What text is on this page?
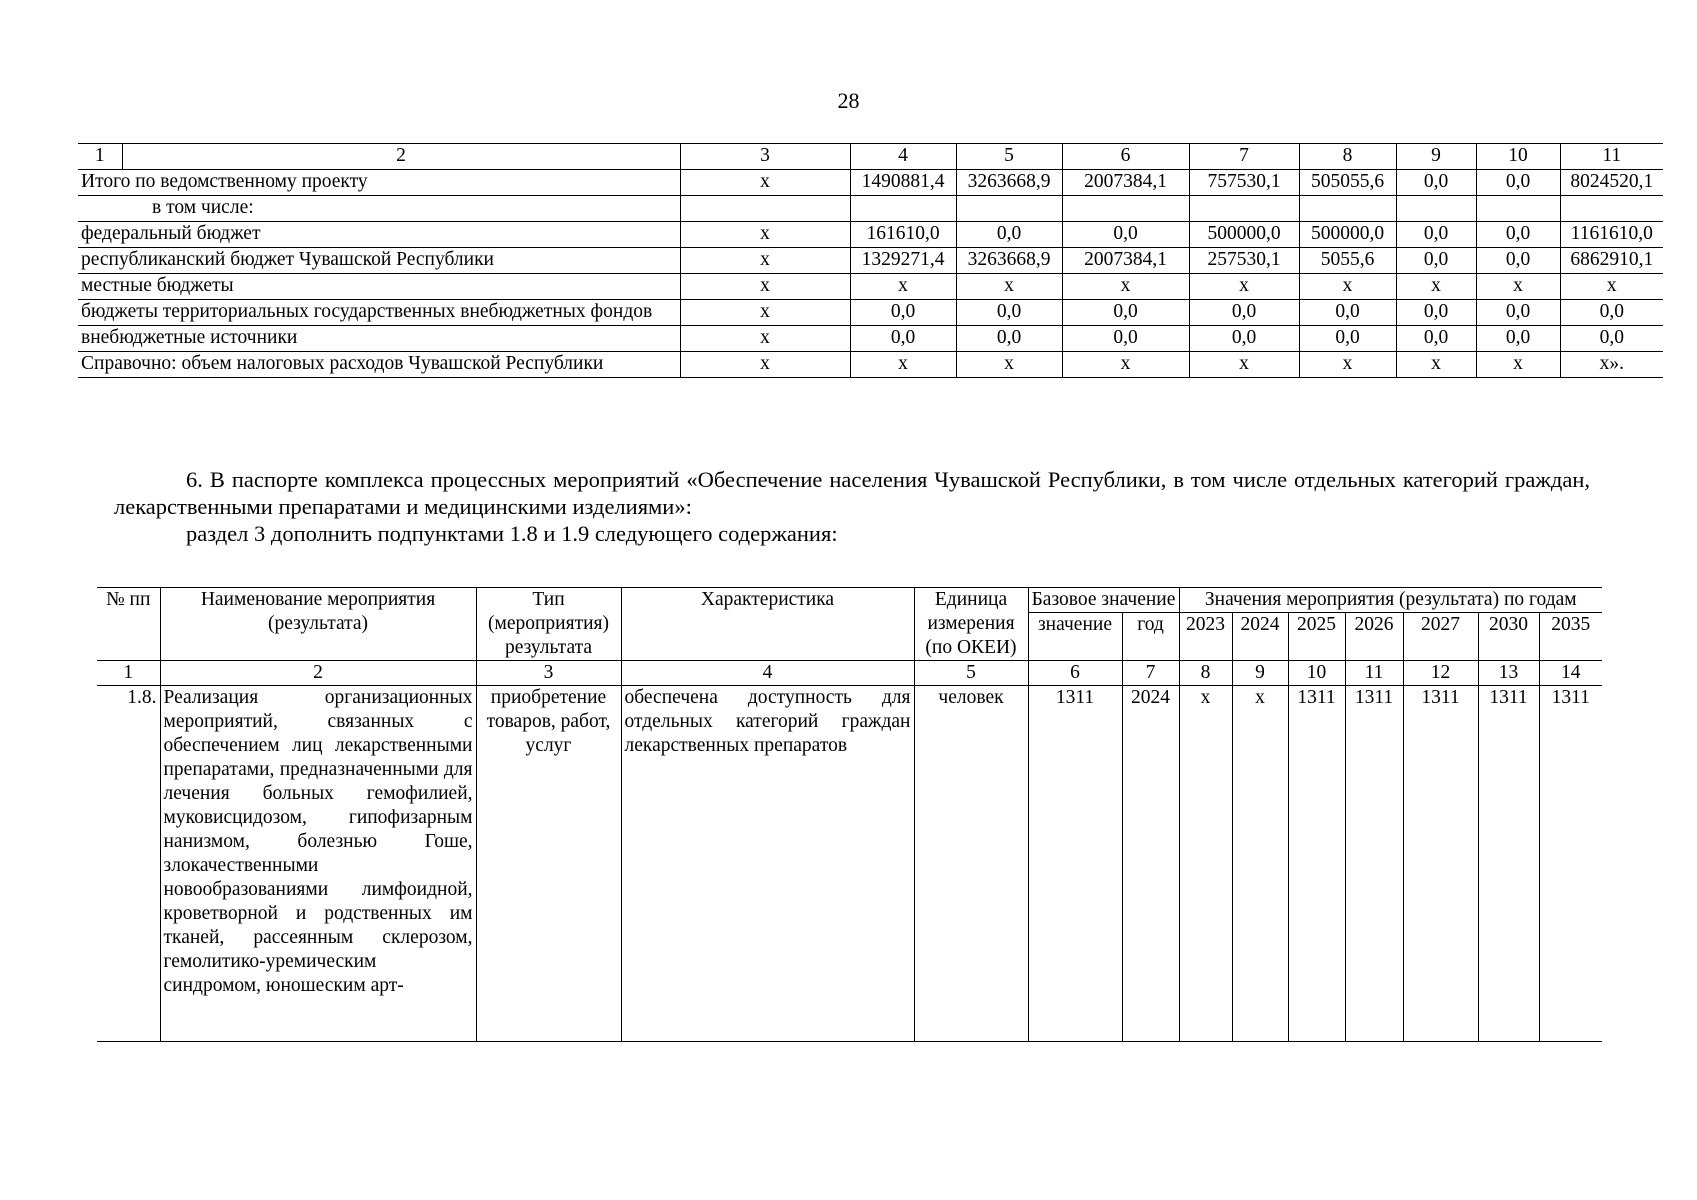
28
1	2	3	4	5	6	7	8	9	10	11
Итого по ведомственному проекту		х	1490881,4	3263668,9	2007384,1	757530,1	505055,6	0,0	0,0	8024520,1
в том числе:										
федеральный бюджет		х	161610,0	0,0	0,0	500000,0	500000,0	0,0	0,0	1161610,0
республиканский бюджет Чувашской Республики		х	1329271,4	3263668,9	2007384,1	257530,1	5055,6	0,0	0,0	6862910,1
местные бюджеты		х	х	х	х	х	х	х	х	х
бюджеты территориальных государственных внебюджетных фондов		х	0,0	0,0	0,0	0,0	0,0	0,0	0,0	0,0
внебюджетные источники		х	0,0	0,0	0,0	0,0	0,0	0,0	0,0	0,0
Справочно: объем налоговых расходов Чувашской Республики		х	х	х	х	х	х	х	х	х».

6. В паспорте комплекса процессных мероприятий «Обеспечение населения Чувашской Республики, в том числе отдельных категорий граждан, лекарственными препаратами и медицинскими изделиями»:

раздел 3 дополнить подпунктами 1.8 и 1.9 следующего содержания:

№ пп	Наименование мероприятия (результата)	Тип (мероприятия) результата	Характеристика	Единица измерения (по ОКЕИ)	Базовое значение		Значения мероприятия (результата) по годам						

					значение	год	2023	2024	2025	2026	2027	2030	2035
1	2	3	4	5	6	7	8	9	10	11	12	13	14
1.8.	Реализация организационных мероприятий, связанных с обеспечением лиц лекарственными препаратами, предназначенными для лечения больных гемофилией, муковисцидозом, гипофизарным нанизмом, болезнью Гоше, злокачественными новообразованиями лимфоидной, кроветворной и родственных им тканей, рассеянным склерозом, гемолитико-уремическим синдромом, юношеским арт-	приобретение товаров, работ, услуг	обеспечена доступность для отдельных категорий граждан лекарственных препаратов	человек	1311	2024	х	х	1311	1311	1311	1311	1311
